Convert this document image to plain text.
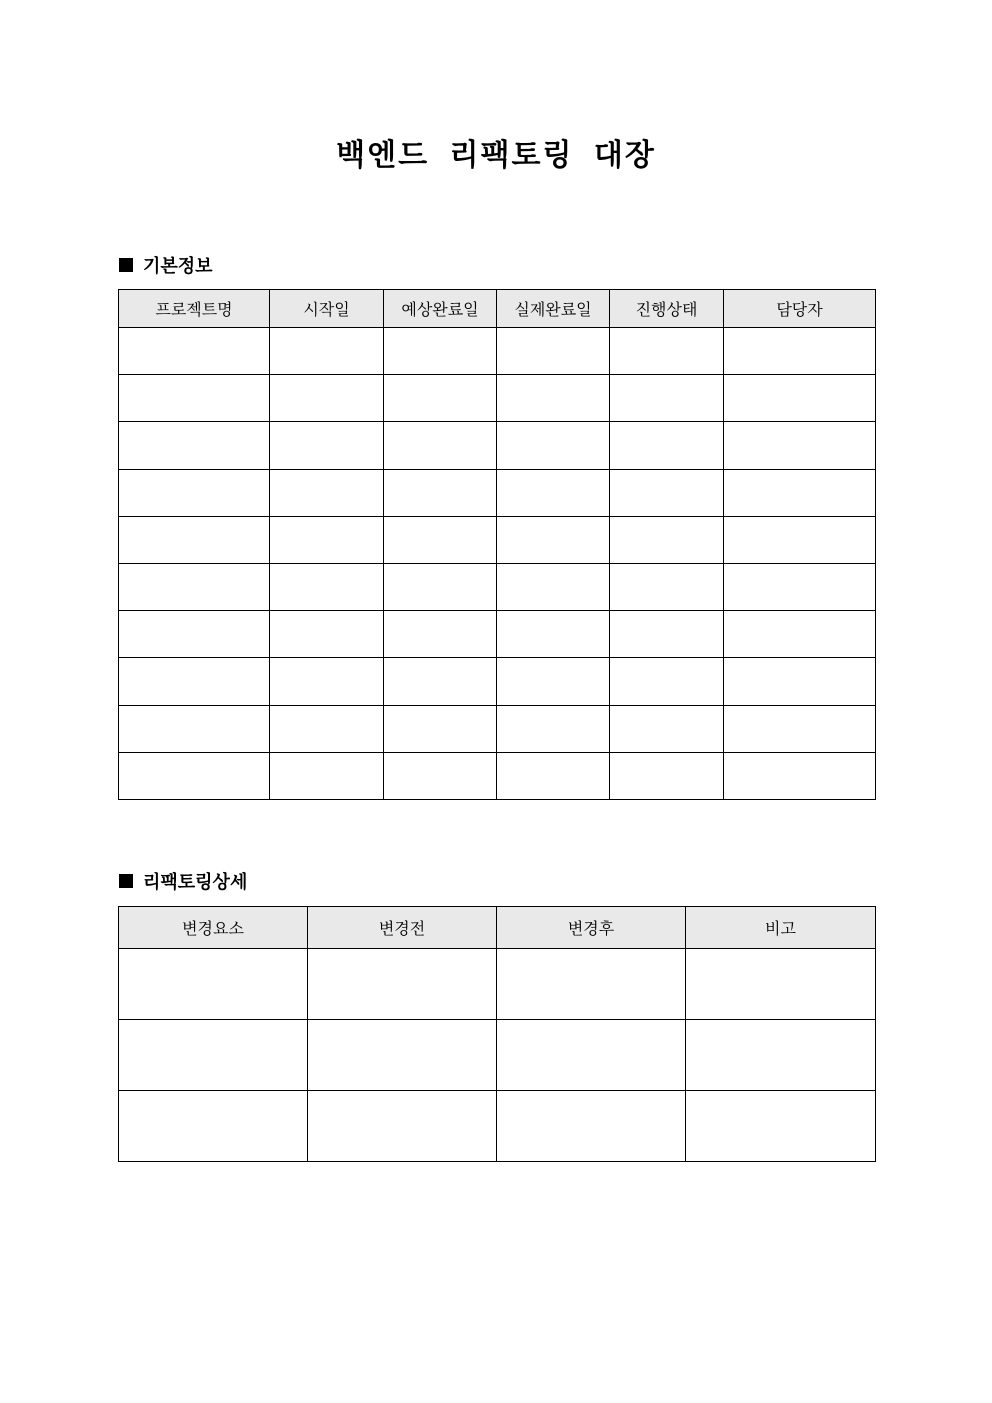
백엔드 리팩토링 대장
기본정보
프로젝트명	시작일	예상완료일	실제완료일	진행상태	담당자

리팩토링상세
변경요소	변경전	변경후	비고
